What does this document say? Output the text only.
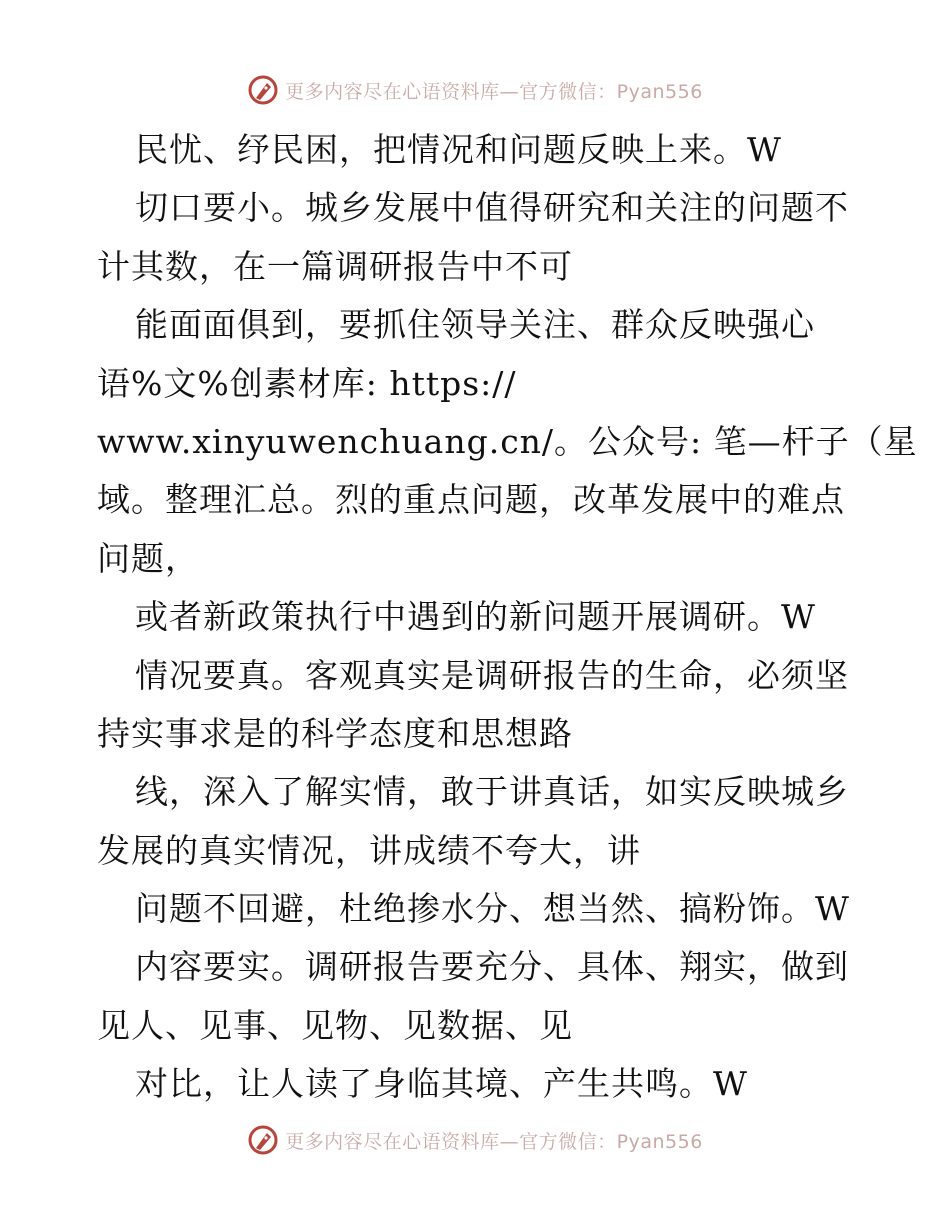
更多内容尽在心语资料库—官方微信：Pyan556
民忧、纾民困，把情况和问题反映上来。W
切口要小。城乡发展中值得研究和关注的问题不
计其数，在一篇调研报告中不可
能面面俱到，要抓住领导关注、群众反映强心
语%文%创素材库: https://
www.xinyuwenchuang.cn/。公众号: 笔—杆子（星
域。整理汇总。烈的重点问题，改革发展中的难点
问题，
或者新政策执行中遇到的新问题开展调研。W
情况要真。客观真实是调研报告的生命，必须坚
持实事求是的科学态度和思想路
线，深入了解实情，敢于讲真话，如实反映城乡
发展的真实情况，讲成绩不夸大，讲
问题不回避，杜绝掺水分、想当然、搞粉饰。W
内容要实。调研报告要充分、具体、翔实，做到
见人、见事、见物、见数据、见
对比，让人读了身临其境、产生共鸣。W
更多内容尽在心语资料库—官方微信：Pyan556
